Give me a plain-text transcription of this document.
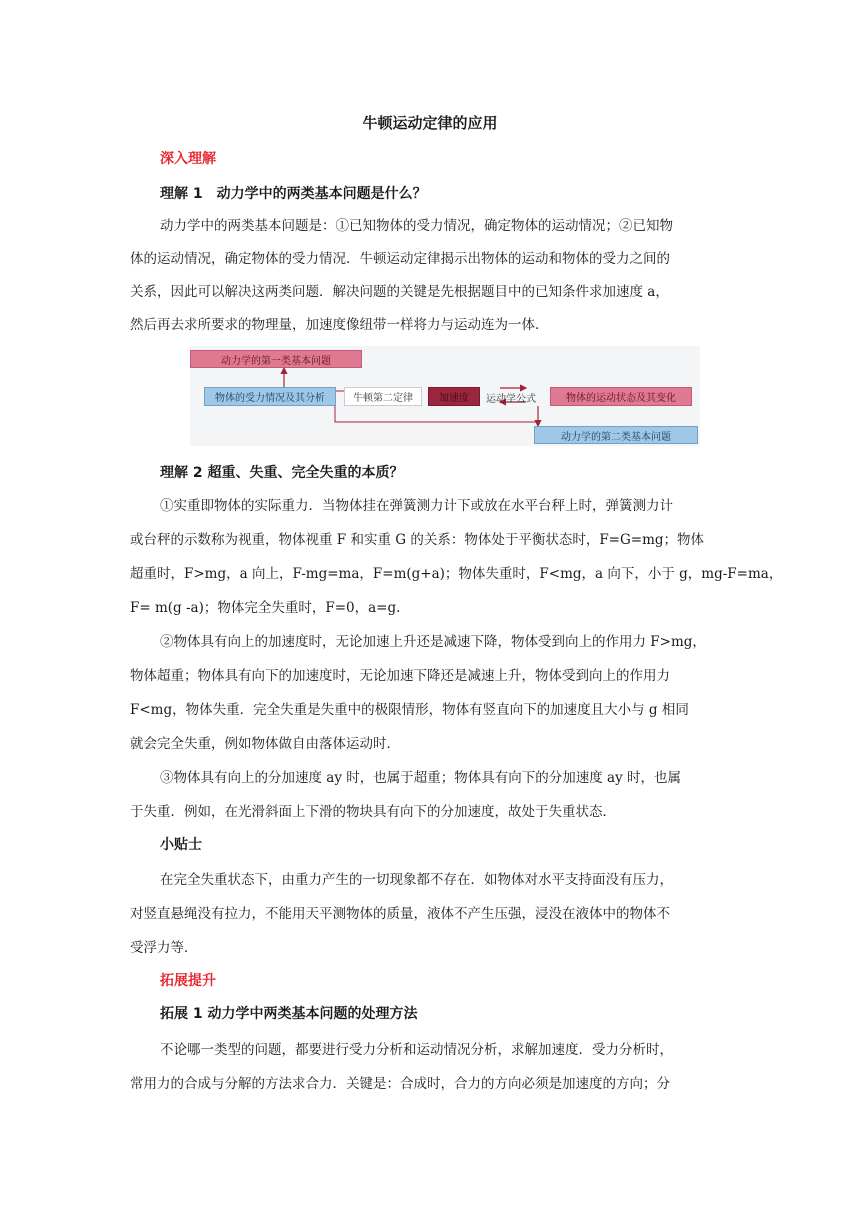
牛顿运动定律的应用
深入理解
理解 1　动力学中的两类基本问题是什么？
动力学中的两类基本问题是：①已知物体的受力情况，确定物体的运动情况；②已知物
体的运动情况，确定物体的受力情况．牛顿运动定律揭示出物体的运动和物体的受力之间的
关系，因此可以解决这两类问题．解决问题的关键是先根据题目中的已知条件求加速度 a，
然后再去求所要求的物理量，加速度像纽带一样将力与运动连为一体．
动力学的第一类基本问题
物体的受力情况及其分析	牛顿第二定律	加速度	运动学公式	物体的运动状态及其变化
动力学的第二类基本问题
理解 2 超重、失重、完全失重的本质？
①实重即物体的实际重力．当物体挂在弹簧测力计下或放在水平台秤上时，弹簧测力计
或台秤的示数称为视重，物体视重 F 和实重 G 的关系：物体处于平衡状态时，F=G=mg；物体
超重时，F>mg，a 向上，F-mg=ma，F=m(g+a)；物体失重时，F<mg，a 向下，小于 g，mg-F=ma，
F= m(g -a)；物体完全失重时，F=0，a=g.
②物体具有向上的加速度时，无论加速上升还是减速下降，物体受到向上的作用力 F>mg，
物体超重；物体具有向下的加速度时，无论加速下降还是减速上升，物体受到向上的作用力
F<mg，物体失重．完全失重是失重中的极限情形，物体有竖直向下的加速度且大小与 g 相同
就会完全失重，例如物体做自由落体运动时．
③物体具有向上的分加速度 ay 时，也属于超重；物体具有向下的分加速度 ay 时，也属
于失重．例如，在光滑斜面上下滑的物块具有向下的分加速度，故处于失重状态．
小贴士
在完全失重状态下，由重力产生的一切现象都不存在．如物体对水平支持面没有压力，
对竖直悬绳没有拉力，不能用天平测物体的质量，液体不产生压强，浸没在液体中的物体不
受浮力等．
拓展提升
拓展 1 动力学中两类基本问题的处理方法
不论哪一类型的问题，都要进行受力分析和运动情况分析，求解加速度．受力分析时，
常用力的合成与分解的方法求合力．关键是：合成时，合力的方向必须是加速度的方向；分
